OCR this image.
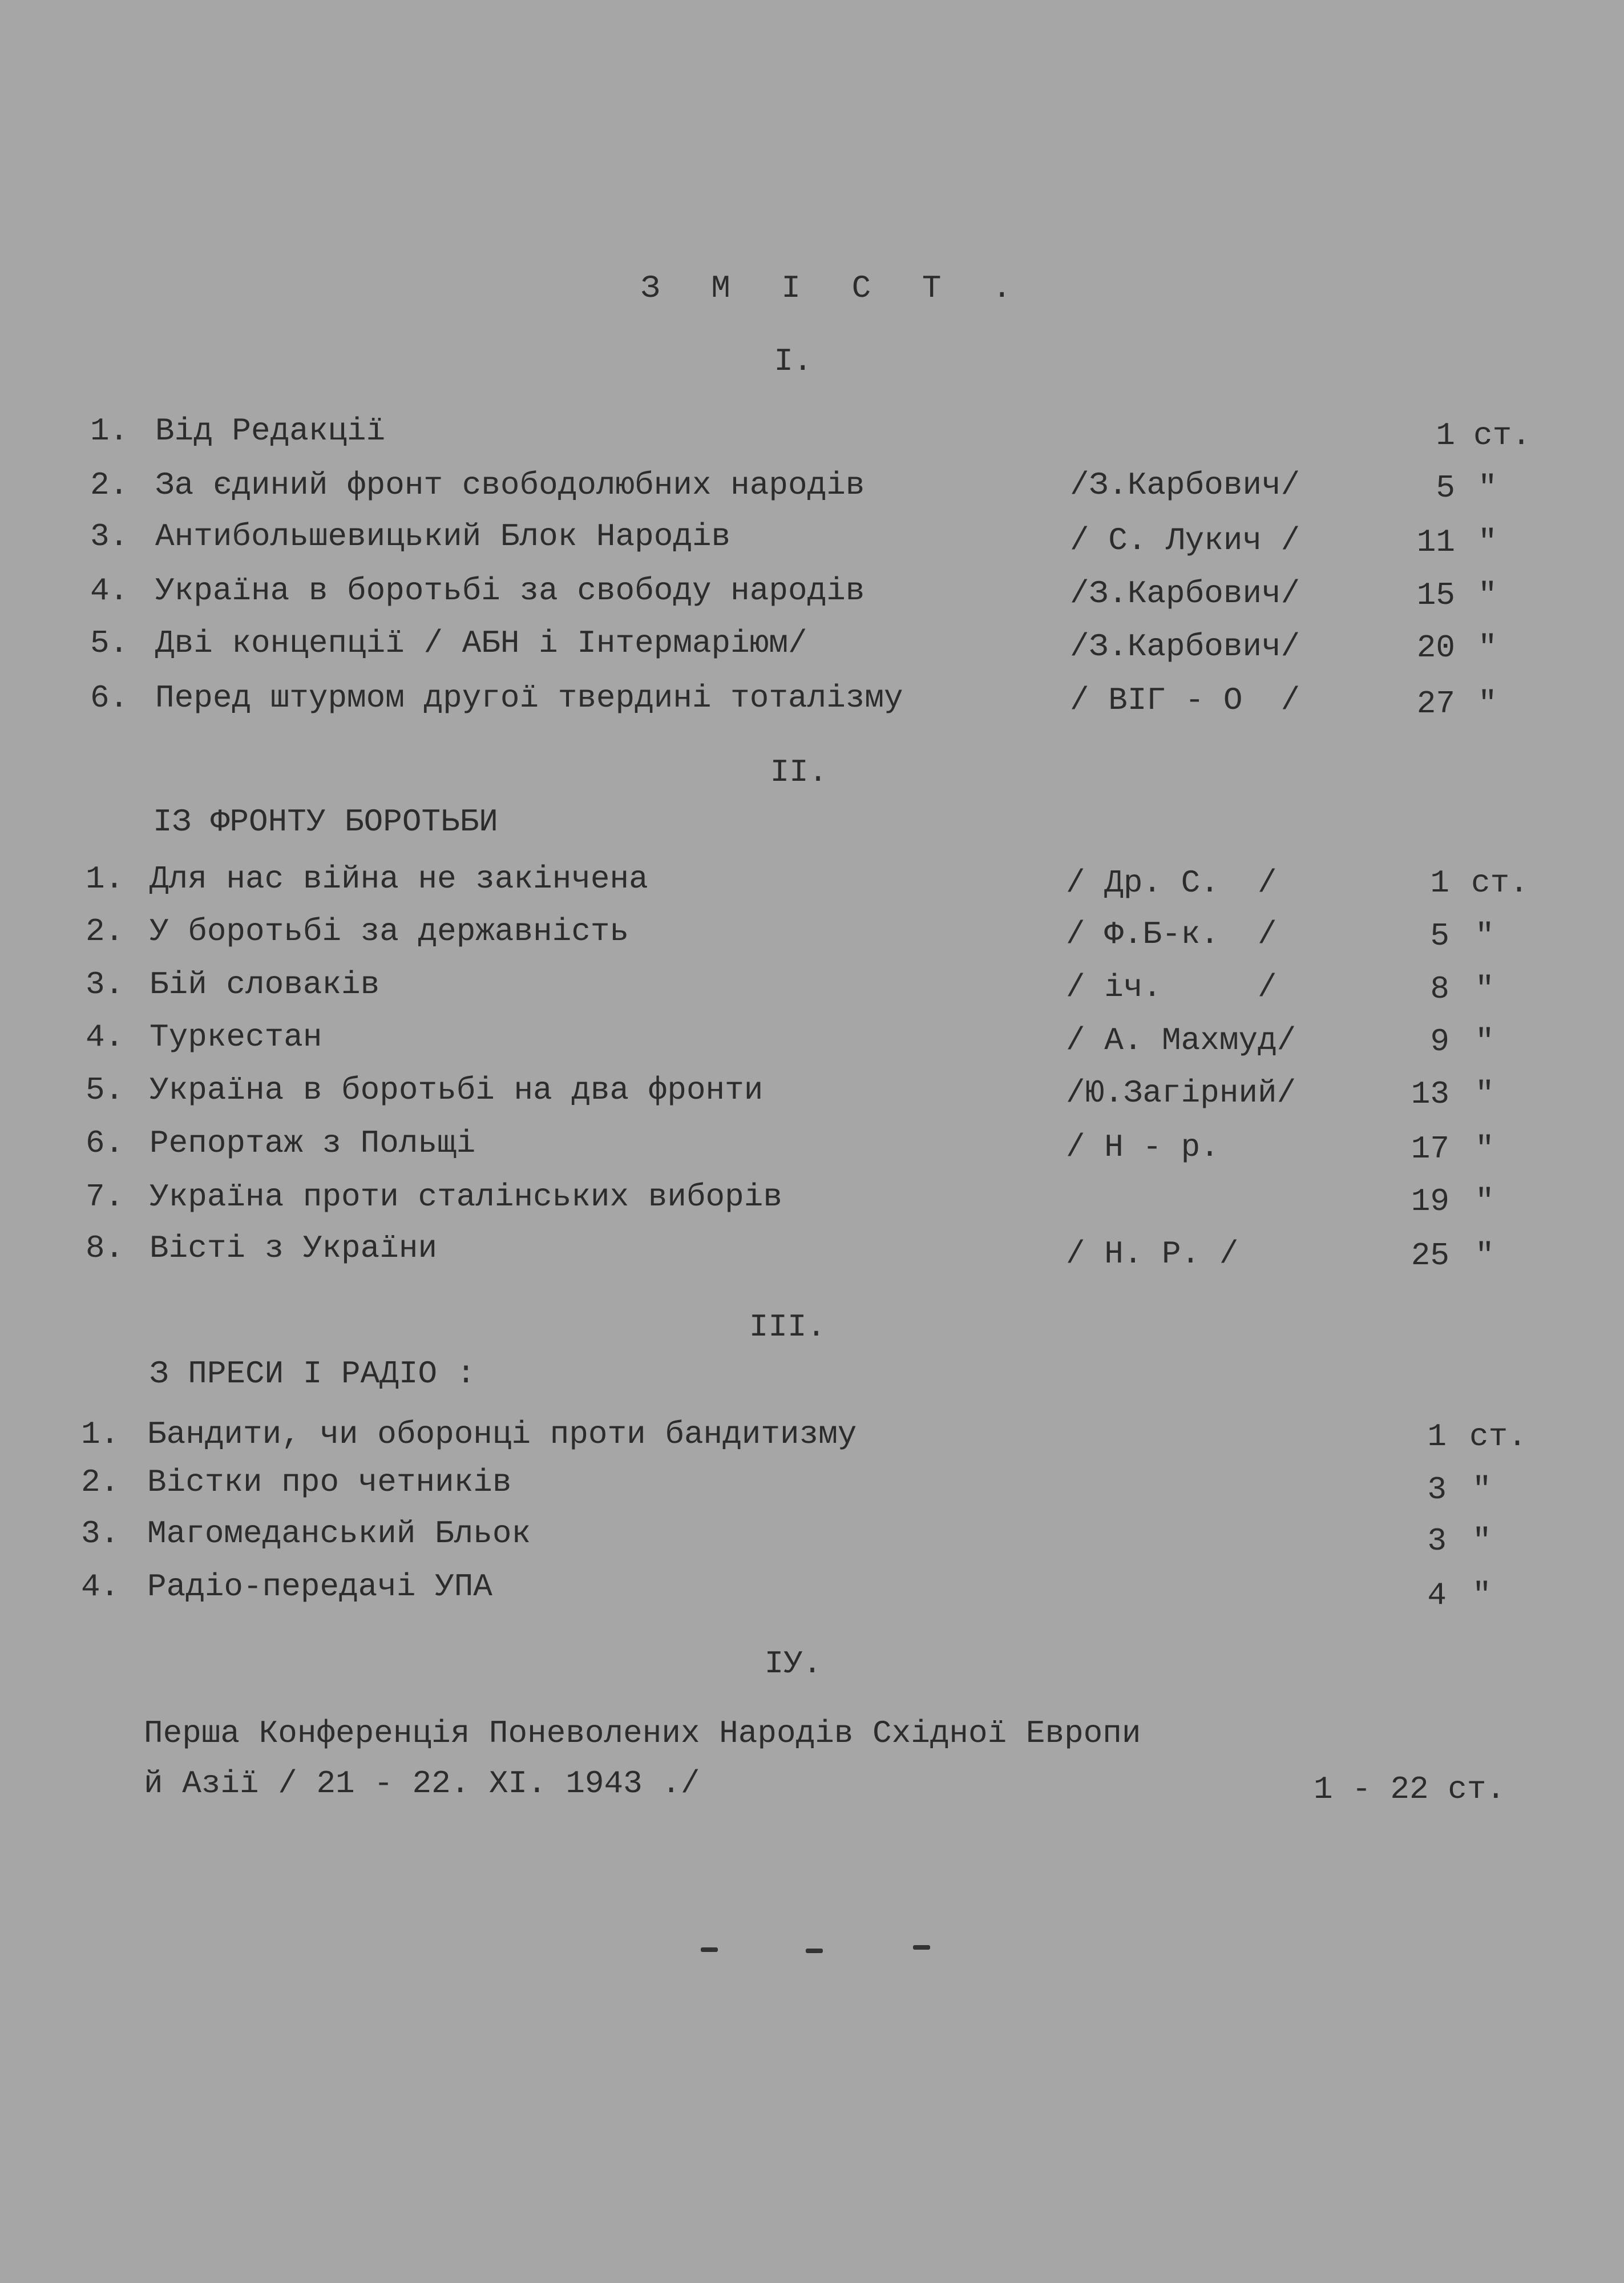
З М І С Т .
І.
1. Від Редакції	1 ст.
2. За єдиний фронт свободолюбних народів	/З.Карбович/	5 "
3. Антибольшевицький Блок Народів	/ С. Лукич /	11 "
4. Україна в боротьбі за свободу народів	/З.Карбович/	15 "
5. Дві концепції / АБН і Інтермаріюм/	/З.Карбович/	20 "
6. Перед штурмом другої твердині тоталізму	/ ВІГ - О  /	27 "
ІІ.
ІЗ ФРОНТУ БОРОТЬБИ
1. Для нас війна не закінчена	/ Др. С.  /	1 ст.
2. У боротьбі за державність	/ Ф.Б-к.  /	5 "
3. Бій словаків	/ іч.     /	8 "
4. Туркестан	/ А. Махмуд/	9 "
5. Україна в боротьбі на два фронти	/Ю.Загірний/	13 "
6. Репортаж з Польщі	/ Н - р.	17 "
7. Україна проти сталінських виборів	19 "
8. Вісті з України	/ Н. Р. /	25 "
ІІІ.
З ПРЕСИ І РАДІО :
1. Бандити, чи оборонці проти бандитизму	1 ст.
2. Вістки про четників	3 "
3. Магомеданський Бльок	3 "
4. Радіо-передачі УПА	4 "
ІУ.
Перша Конференція Поневолених Народів Східної Европи
й Азії / 21 - 22. ХІ. 1943 ./	1 - 22 ст.
